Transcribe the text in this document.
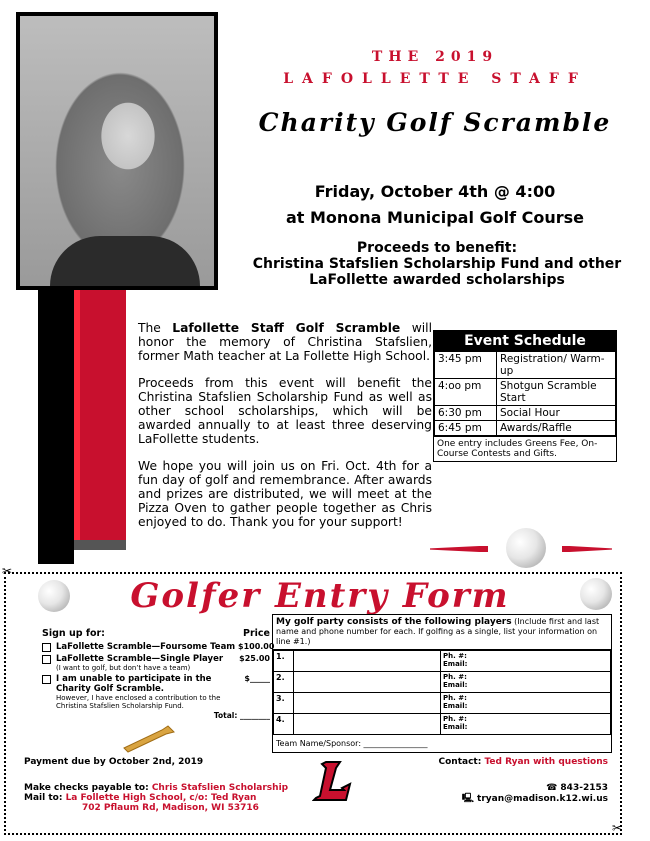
THE 2019
LAFOLLETTE STAFF
Charity Golf Scramble
Friday, October 4th @ 4:00
at Monona Municipal Golf Course
Proceeds to benefit:
Christina Stafslien Scholarship Fund and other LaFollette awarded scholarships

The Lafollette Staff Golf Scramble will honor the memory of Christina Stafslien, former Math teacher at La Follette High School.

Proceeds from this event will benefit the Christina Stafslien Scholarship Fund as well as other school scholarships, which will be awarded annually to at least three deserving LaFollette students.

We hope you will join us on Fri. Oct. 4th for a fun day of golf and remembrance. After awards and prizes are distributed, we will meet at the Pizza Oven to gather people together as Chris enjoyed to do. Thank you for your support!

Event Schedule
3:45 pm	Registration/ Warm-up
4:oo pm	Shotgun Scramble Start
6:30 pm	Social Hour
6:45 pm	Awards/Raffle
One entry includes Greens Fee, On-Course Contests and Gifts.
✂
✂
Golfer Entry Form
Sign up for:	Price
LaFollette Scramble—Foursome Team $100.00
LaFollette Scramble—Single Player
(I want to golf, but don’t have a team)
$25.00
I am unable to participate in the Charity Golf Scramble.
However, I have enclosed a contribution to the Christina Stafslien Scholarship Fund.
$_____
Total: ________
My golf party consists of the following players (Include first and last name and phone number for each. If golfing as a single, list your information on line #1.)
1.		Ph. #:
Email:

2.		Ph. #:
Email:

3.		Ph. #:
Email:

4.		Ph. #:
Email:
Team Name/Sponsor: ________________
Payment due by October 2nd, 2019	Contact: Ted Ryan with questions
Make checks payable to: Chris Stafslien Scholarship
Mail to: La Follette High School, c/o: Ted Ryan
702 Pflaum Rd, Madison, WI 53716
☎ 843-2153
🖳 tryan@madison.k12.wi.us
